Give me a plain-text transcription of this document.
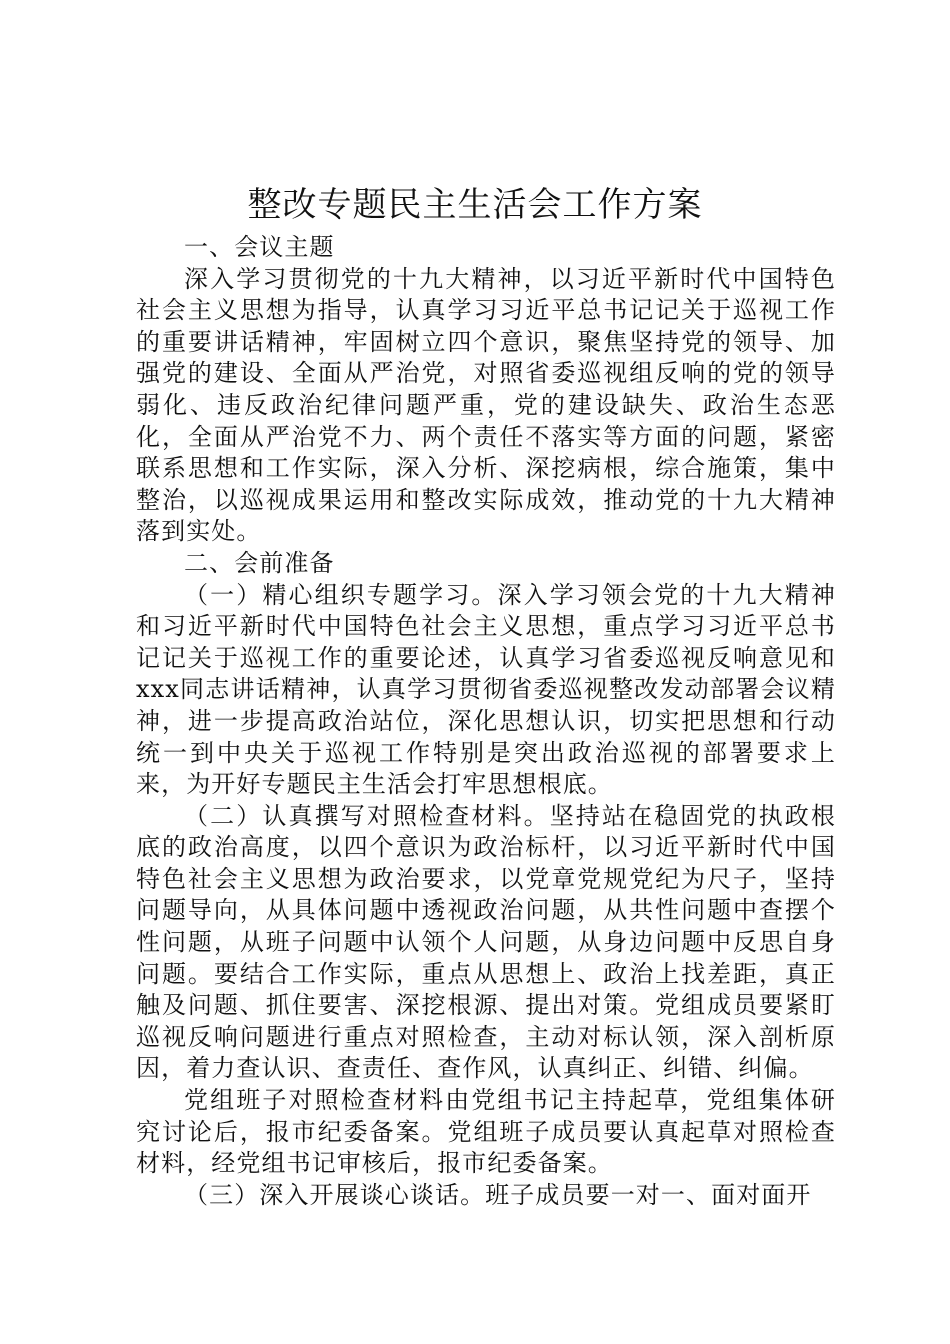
整改专题民主生活会工作方案

一、会议主题

深入学习贯彻党的十九大精神，以习近平新时代中国特色社会主义思想为指导，认真学习习近平总书记记关于巡视工作的重要讲话精神，牢固树立四个意识，聚焦坚持党的领导、加强党的建设、全面从严治党，对照省委巡视组反响的党的领导弱化、违反政治纪律问题严重，党的建设缺失、政治生态恶化，全面从严治党不力、两个责任不落实等方面的问题，紧密联系思想和工作实际，深入分析、深挖病根，综合施策，集中整治，以巡视成果运用和整改实际成效，推动党的十九大精神落到实处。

二、会前准备

（一）精心组织专题学习。深入学习领会党的十九大精神和习近平新时代中国特色社会主义思想，重点学习习近平总书记记关于巡视工作的重要论述，认真学习省委巡视反响意见和xxx同志讲话精神，认真学习贯彻省委巡视整改发动部署会议精神，进一步提高政治站位，深化思想认识，切实把思想和行动统一到中央关于巡视工作特别是突出政治巡视的部署要求上来，为开好专题民主生活会打牢思想根底。

（二）认真撰写对照检查材料。坚持站在稳固党的执政根底的政治高度，以四个意识为政治标杆，以习近平新时代中国特色社会主义思想为政治要求，以党章党规党纪为尺子，坚持问题导向，从具体问题中透视政治问题，从共性问题中查摆个性问题，从班子问题中认领个人问题，从身边问题中反思自身问题。要结合工作实际，重点从思想上、政治上找差距，真正触及问题、抓住要害、深挖根源、提出对策。党组成员要紧盯巡视反响问题进行重点对照检查，主动对标认领，深入剖析原因，着力查认识、查责任、查作风，认真纠正、纠错、纠偏。

党组班子对照检查材料由党组书记主持起草，党组集体研究讨论后，报市纪委备案。党组班子成员要认真起草对照检查材料，经党组书记审核后，报市纪委备案。

（三）深入开展谈心谈话。班子成员要一对一、面对面开
